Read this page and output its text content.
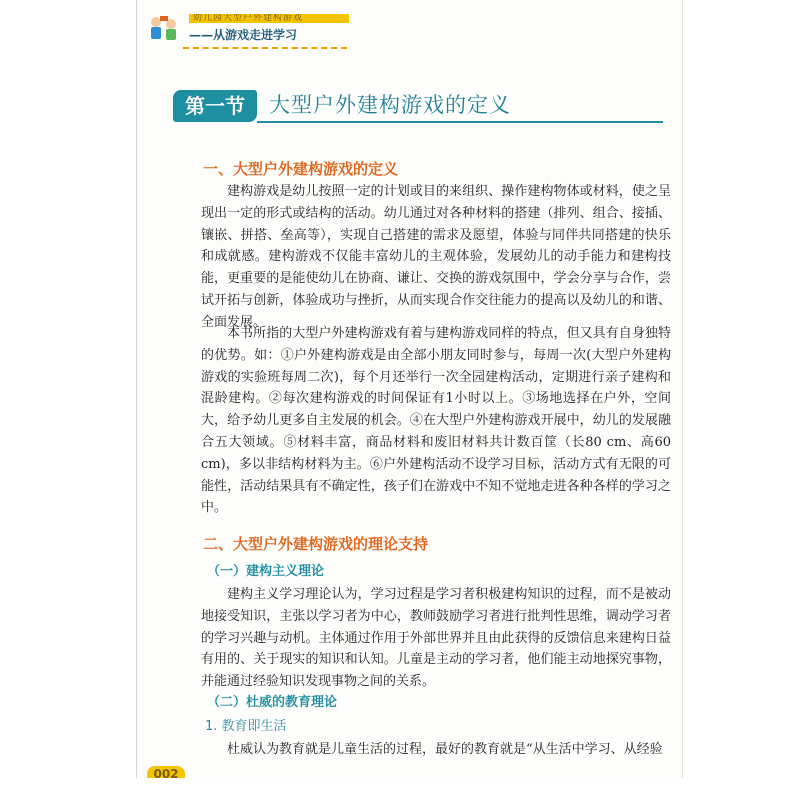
幼儿园大型户外建构游戏
——从游戏走进学习
第一节	大型户外建构游戏的定义
一、大型户外建构游戏的定义

建构游戏是幼儿按照一定的计划或目的来组织、操作建构物体或材料，使之呈现出一定的形式或结构的活动。幼儿通过对各种材料的搭建（排列、组合、接插、镶嵌、拼搭、垒高等），实现自己搭建的需求及愿望，体验与同伴共同搭建的快乐和成就感。建构游戏不仅能丰富幼儿的主观体验，发展幼儿的动手能力和建构技能，更重要的是能使幼儿在协商、谦让、交换的游戏氛围中，学会分享与合作，尝试开拓与创新，体验成功与挫折，从而实现合作交往能力的提高以及幼儿的和谐、全面发展。

本书所指的大型户外建构游戏有着与建构游戏同样的特点，但又具有自身独特的优势。如：①户外建构游戏是由全部小朋友同时参与，每周一次(大型户外建构游戏的实验班每周二次)，每个月还举行一次全园建构活动，定期进行亲子建构和混龄建构。②每次建构游戏的时间保证有1小时以上。③场地选择在户外，空间大，给予幼儿更多自主发展的机会。④在大型户外建构游戏开展中，幼儿的发展融合五大领域。⑤材料丰富，商品材料和废旧材料共计数百筐（长80 cm、高60 cm)，多以非结构材料为主。⑥户外建构活动不设学习目标，活动方式有无限的可能性，活动结果具有不确定性，孩子们在游戏中不知不觉地走进各种各样的学习之中。

二、大型户外建构游戏的理论支持
（一）建构主义理论

建构主义学习理论认为，学习过程是学习者积极建构知识的过程，而不是被动地接受知识，主张以学习者为中心，教师鼓励学习者进行批判性思维，调动学习者的学习兴趣与动机。主体通过作用于外部世界并且由此获得的反馈信息来建构日益有用的、关于现实的知识和认知。儿童是主动的学习者，他们能主动地探究事物，并能通过经验知识发现事物之间的关系。

（二）杜威的教育理论
1. 教育即生活

杜威认为教育就是儿童生活的过程，最好的教育就是“从生活中学习、从经验

002
